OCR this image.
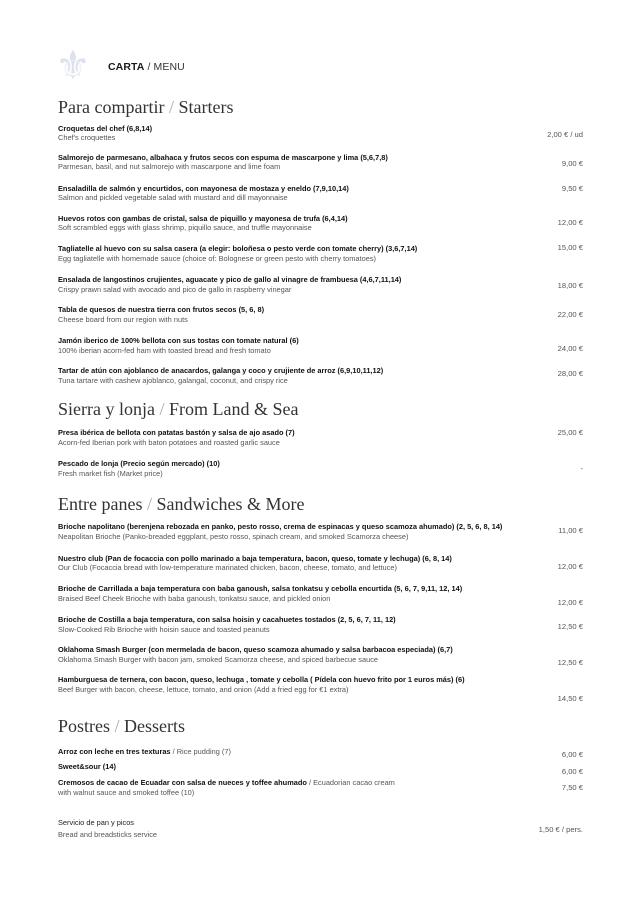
⚜ CARTA / MENU
Para compartir / Starters
Sierra y lonja / From Land & Sea
Entre panes / Sandwiches & More
Postres / Desserts
Croquetas del chef (6,8,14)
Chef's croquettes	2,00 € / ud
Salmorejo de parmesano, albahaca y frutos secos con espuma de mascarpone y lima (5,6,7,8)
Parmesan, basil, and nut salmorejo with mascarpone and lime foam	9,00 €
Ensaladilla de salmón y encurtidos, con mayonesa de mostaza y eneldo (7,9,10,14)
Salmon and pickled vegetable salad with mustard and dill mayonnaise
9,50 €
Huevos rotos con gambas de cristal, salsa de piquillo y mayonesa de trufa (6,4,14)
Soft scrambled eggs with glass shrimp, piquillo sauce, and truffle mayonnaise
12,00 €
Tagliatelle al huevo con su salsa casera (a elegir: boloñesa o pesto verde con tomate cherry) (3,6,7,14)
Egg tagliatelle with homemade sauce (choice of: Bolognese or green pesto with cherry tomatoes)
15,00 €
Ensalada de langostinos crujientes, aguacate y pico de gallo al vinagre de frambuesa (4,6,7,11,14)
Crispy prawn salad with avocado and pico de gallo in raspberry vinegar	18,00 €
Tabla de quesos de nuestra tierra con frutos secos (5, 6, 8)
Cheese board from our region with nuts
22,00 €
Jamón iberico de 100% bellota con sus tostas con tomate natural (6)
100% iberian acorn-fed ham with toasted bread and fresh tomato	24,00 €
Tartar de atún con ajoblanco de anacardos, galanga y coco y crujiente de arroz (6,9,10,11,12)
Tuna tartare with cashew ajoblanco, galangal, coconut, and crispy rice
28,00 €
Presa ibérica de bellota con patatas bastón y salsa de ajo asado (7)
Acorn-fed Iberian pork with baton potatoes and roasted garlic sauce
25,00 €
Pescado de lonja (Precio según mercado) (10)
Fresh market fish (Market price)
-
Brioche napolitano (berenjena rebozada en panko, pesto rosso, crema de espinacas y queso scamoza ahumado) (2, 5, 6, 8, 14)
Neapolitan Brioche (Panko-breaded eggplant, pesto rosso, spinach cream, and smoked Scamorza cheese)
11,00 €
Nuestro club (Pan de focaccia con pollo marinado a baja temperatura, bacon, queso, tomate y lechuga) (6, 8, 14)
Our Club (Focaccia bread with low-temperature marinated chicken, bacon, cheese, tomato, and lettuce)	12,00 €
Brioche de Carrillada a baja temperatura con baba ganoush, salsa tonkatsu y cebolla encurtida (5, 6, 7, 9,11, 12, 14)
Braised Beef Cheek Brioche with baba ganoush, tonkatsu sauce, and pickled onion	12,00 €
Brioche de Costilla a baja temperatura, con salsa hoisin y cacahuetes tostados (2, 5, 6, 7, 11, 12)
Slow-Cooked Rib Brioche with hoisin sauce and toasted peanuts	12,50 €
Oklahoma Smash Burger (con mermelada de bacon, queso scamoza ahumado y salsa barbacoa especiada) (6,7)
Oklahoma Smash Burger with bacon jam, smoked Scamorza cheese, and spiced barbecue sauce	12,50 €
Hamburguesa de ternera, con bacon, queso, lechuga , tomate y cebolla ( Pídela con huevo frito por 1 euros más) (6)
Beef Burger with bacon, cheese, lettuce, tomato, and onion (Add a fried egg for €1 extra)
14,50 €
Arroz con leche en tres texturas / Rice pudding (7)	6,00 €
Sweet&sour (14)
6,00 €
Cremosos de cacao de Ecuadar con salsa de nueces y toffee ahumado / Ecuadorian cacao cream
with walnut sauce and smoked toffee (10)
7,50 €
Servicio de pan y picos
Bread and breadsticks service
1,50 € / pers.
